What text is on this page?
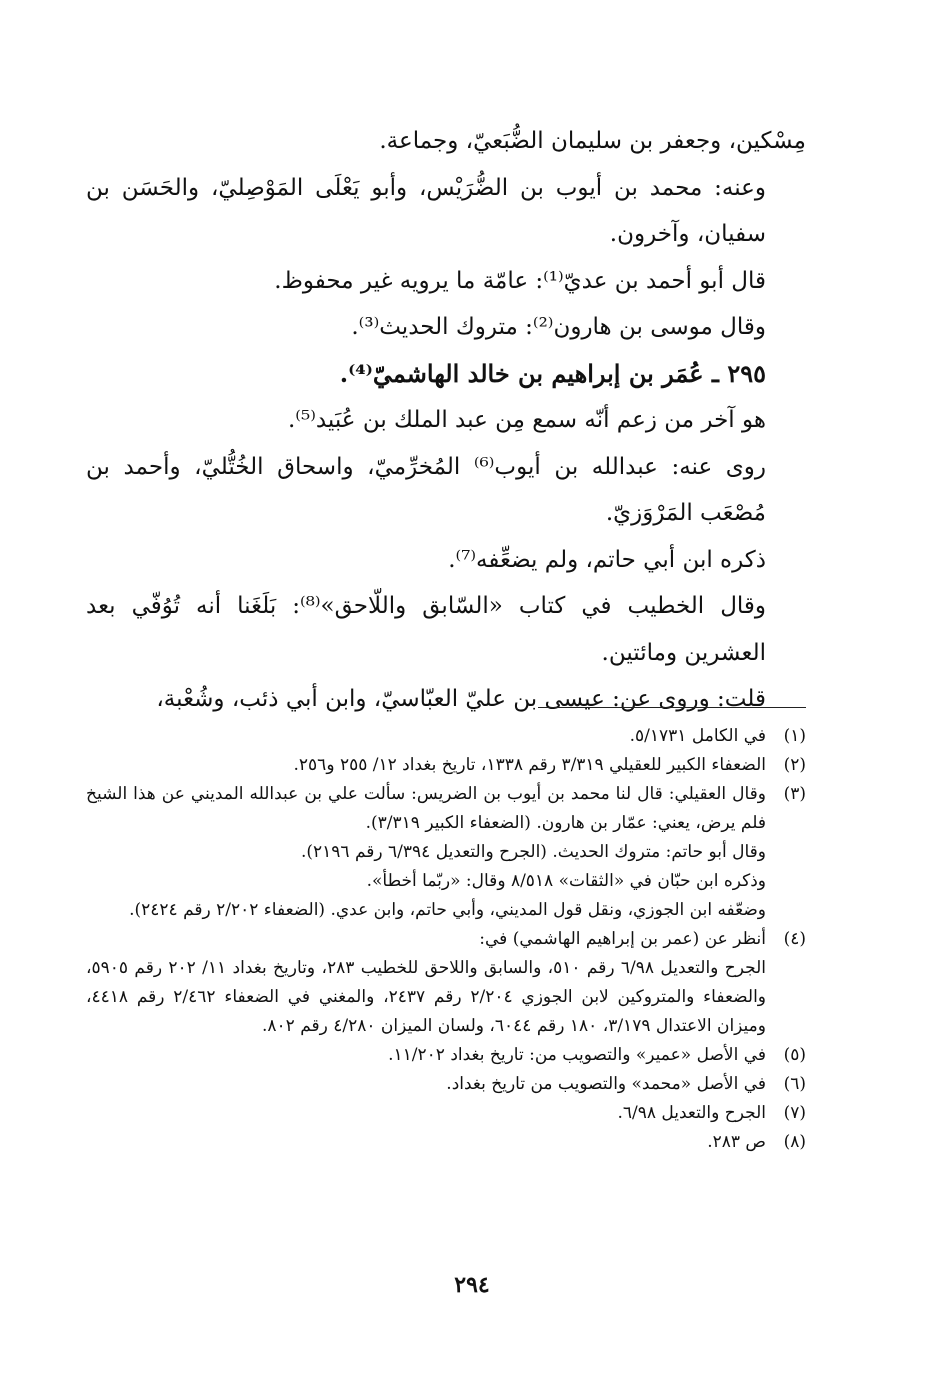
مِسْكين، وجعفر بن سليمان الضُّبَعيّ، وجماعة.

وعنه: محمد بن أيوب بن الضُّرَيْس، وأبو يَعْلَى المَوْصِليّ، والحَسَن بن سفيان، وآخرون.

قال أبو أحمد بن عديّ⁽¹⁾: عامّة ما يرويه غير محفوظ.

وقال موسى بن هارون⁽²⁾: متروك الحديث⁽³⁾.

٢٩٥ ـ عُمَر بن إبراهيم بن خالد الهاشميّ⁽⁴⁾.

هو آخر من زعم أنّه سمع مِن عبد الملك بن عُبَيد⁽⁵⁾.

روى عنه: عبدالله بن أيوب⁽⁶⁾ المُخرِّميّ، واسحاق الخُتُّليّ، وأحمد بن مُصْعَب المَرْوَزيّ.

ذكره ابن أبي حاتم، ولم يضعِّفه⁽⁷⁾.

وقال الخطيب في كتاب «السّابق واللّاحق»⁽⁸⁾: بَلَغَنا أنه تُوُفّي بعد العشرين ومائتين.

قلت: وروى عن: عيسى بن عليّ العبّاسيّ، وابن أبي ذئب، وشُعْبة،

(١)
في الكامل ٥/١٧٣١.
(٢)
الضعفاء الكبير للعقيلي ٣/٣١٩ رقم ١٣٣٨، تاريخ بغداد ١٢/ ٢٥٥ و٢٥٦.
(٣)
وقال العقيلي: قال لنا محمد بن أيوب بن الضريس: سألت علي بن عبدالله المديني عن هذا الشيخ فلم يرض، يعني: عمّار بن هارون. (الضعفاء الكبير ٣/٣١٩).
وقال أبو حاتم: متروك الحديث. (الجرح والتعديل ٦/٣٩٤ رقم ٢١٩٦).
وذكره ابن حبّان في «الثقات» ٨/٥١٨ وقال: «ربّما أخطأ».
وضعّفه ابن الجوزي، ونقل قول المديني، وأبي حاتم، وابن عدي. (الضعفاء ٢/٢٠٢ رقم ٢٤٢٤).
(٤)
أنظر عن (عمر بن إبراهيم الهاشمي) في:
الجرح والتعديل ٦/٩٨ رقم ٥١٠، والسابق واللاحق للخطيب ٢٨٣، وتاريخ بغداد ١١/ ٢٠٢ رقم ٥٩٠٥، والضعفاء والمتروكين لابن الجوزي ٢/٢٠٤ رقم ٢٤٣٧، والمغني في الضعفاء ٢/٤٦٢ رقم ٤٤١٨، وميزان الاعتدال ٣/١٧٩، ١٨٠ رقم ٦٠٤٤، ولسان الميزان ٤/٢٨٠ رقم ٨٠٢.
(٥)
في الأصل «عمير» والتصويب من: تاريخ بغداد ١١/٢٠٢.
(٦)
في الأصل «محمد» والتصويب من تاريخ بغداد.
(٧)
الجرح والتعديل ٦/٩٨.
(٨)
ص ٢٨٣.
٢٩٤
